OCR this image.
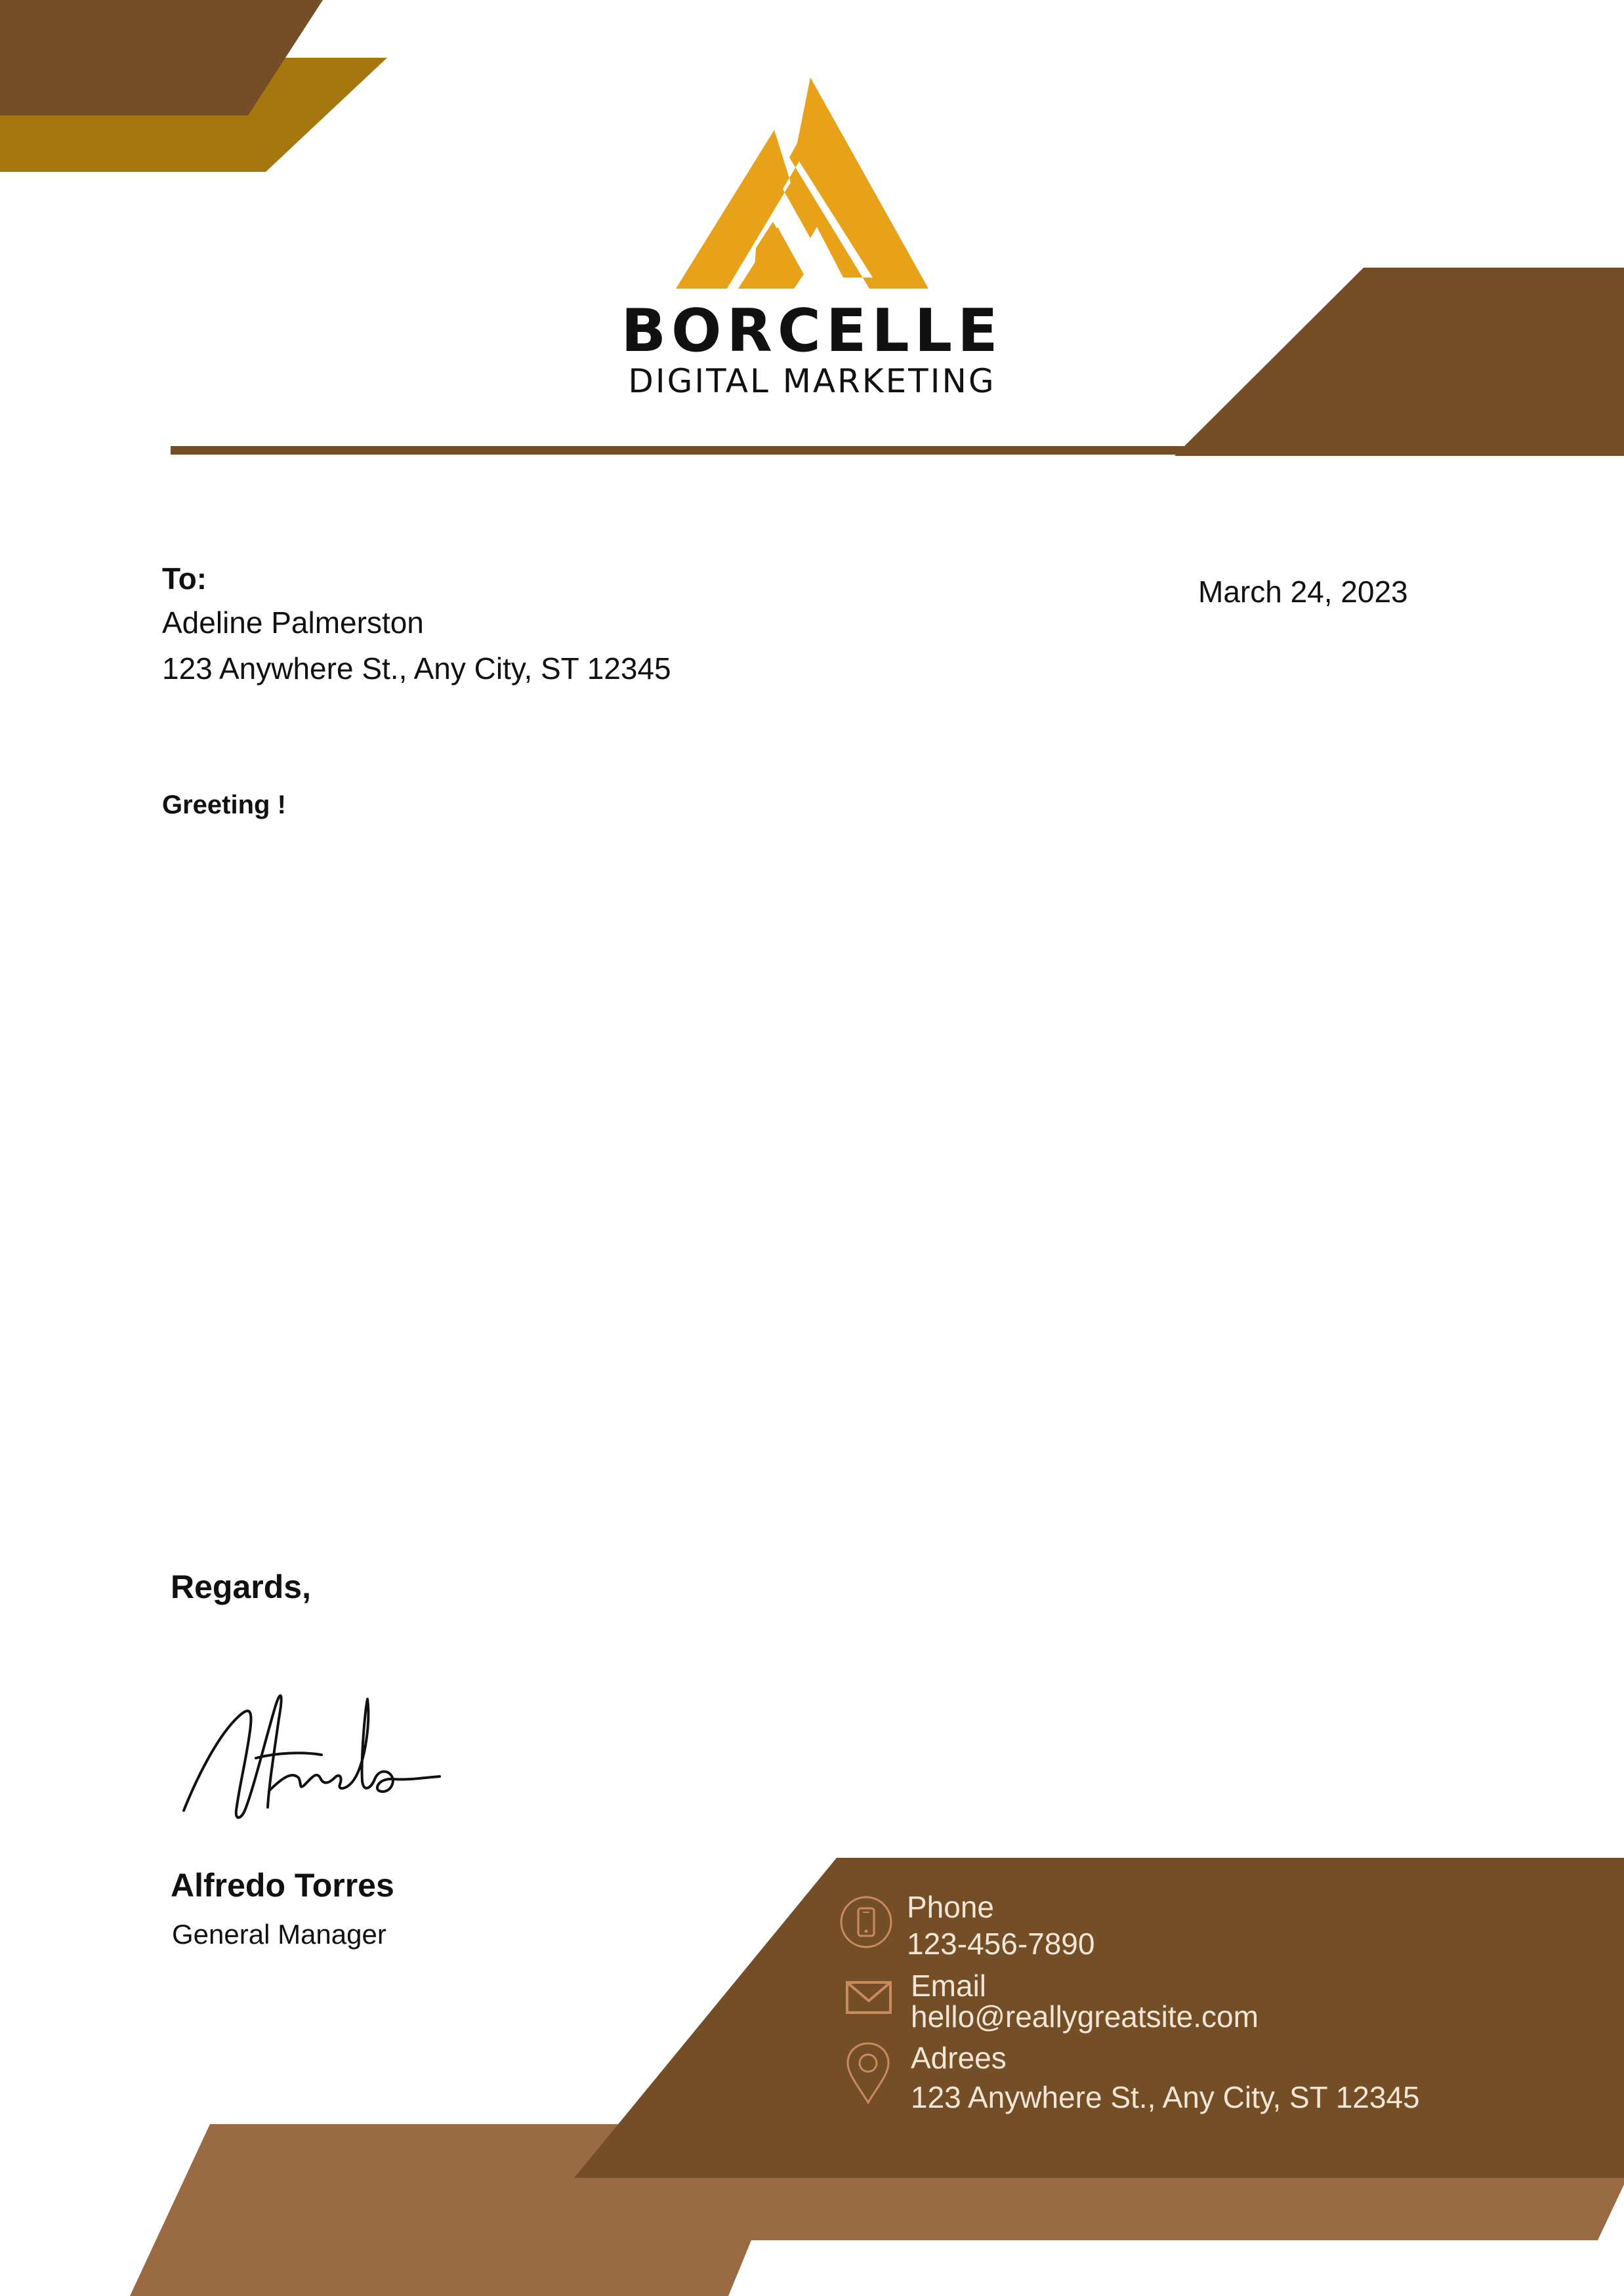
BORCELLE
DIGITAL MARKETING
To:
Adeline Palmerston
123 Anywhere St., Any City, ST 12345
March 24, 2023
Greeting !
Regards,
Alfredo Torres
General Manager
Phone
123-456-7890
Email
hello@reallygreatsite.com
Adrees
123 Anywhere St., Any City, ST 12345
